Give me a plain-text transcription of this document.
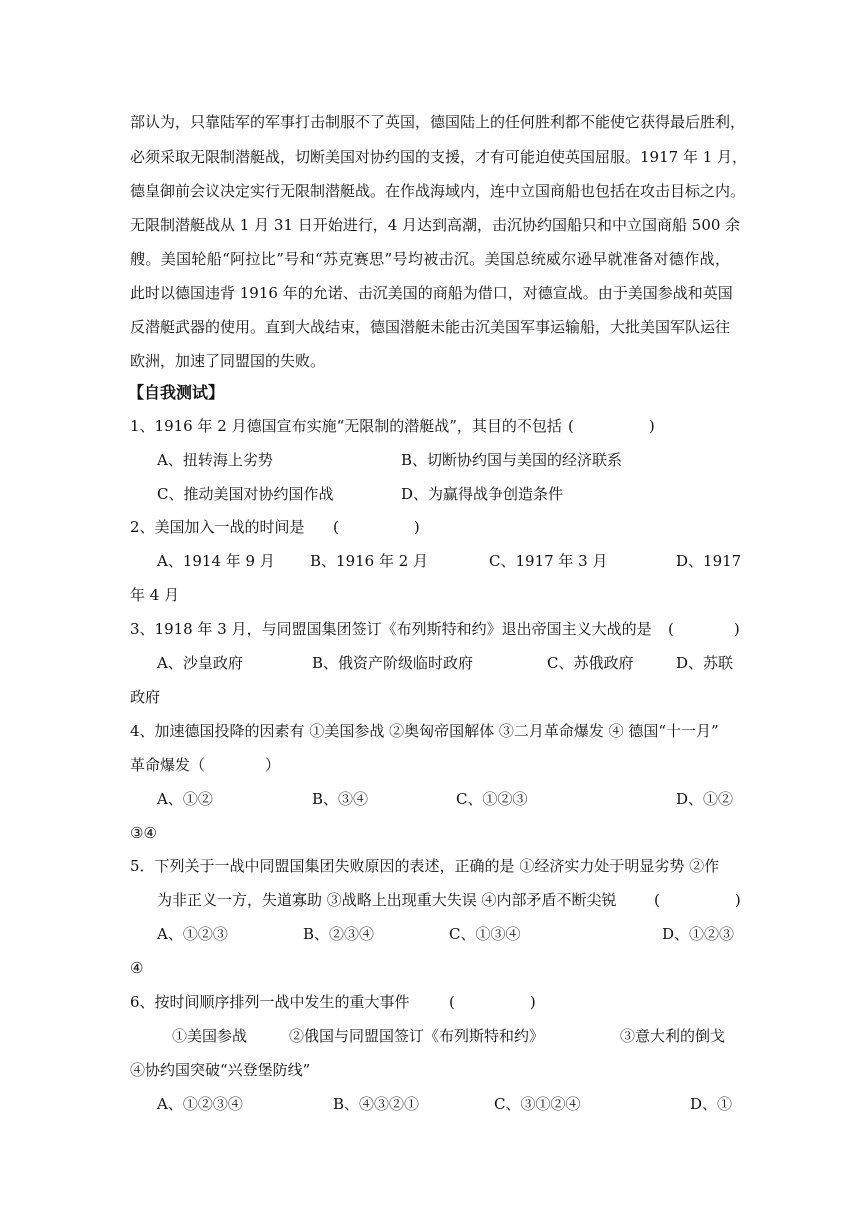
部认为，只靠陆军的军事打击制服不了英国，德国陆上的任何胜利都不能使它获得最后胜利，
必须采取无限制潜艇战，切断美国对协约国的支援，才有可能迫使英国屈服。1917 年 1 月，
德皇御前会议决定实行无限制潜艇战。在作战海域内，连中立国商船也包括在攻击目标之内。
无限制潜艇战从 1 月 31 日开始进行，4 月达到高潮，击沉协约国船只和中立国商船 500 余
艘。美国轮船“阿拉比”号和“苏克赛思”号均被击沉。美国总统威尔逊早就准备对德作战，
此时以德国违背 1916 年的允诺、击沉美国的商船为借口，对德宣战。由于美国参战和英国
反潜艇武器的使用。直到大战结束，德国潜艇未能击沉美国军事运输船，大批美国军队运往
欧洲，加速了同盟国的失败。
【自我测试】
1、1916 年 2 月德国宣布实施“无限制的潜艇战”，其目的不包括 (　　　　　)
A、扭转海上劣势	B、切断协约国与美国的经济联系
C、推动美国对协约国作战	D、为赢得战争创造条件
2、美国加入一战的时间是 (　　　　　)
A、1914 年 9 月 B、1916 年 2 月	C、1917 年 3 月	D、1917
年 4 月
3、1918 年 3 月，与同盟国集团签订《布列斯特和约》退出帝国主义大战的是 (　　　　)
A、沙皇政府	B、俄资产阶级临时政府	C、苏俄政府	D、苏联
政府
4、加速德国投降的因素有 ①美国参战 ②奥匈帝国解体 ③二月革命爆发 ④ 德国“十一月”
革命爆发（　　　　）
A、①②	B、③④	C、①②③	D、①②
③④
5．下列关于一战中同盟国集团失败原因的表述，正确的是 ①经济实力处于明显劣势 ②作
为非正义一方，失道寡助 ③战略上出现重大失误 ④内部矛盾不断尖锐 (　　　　　)
A、①②③	B、②③④	C、①③④	D、①②③
④
6、按时间顺序排列一战中发生的重大事件	(　　　　　)
①美国参战	②俄国与同盟国签订《布列斯特和约》	③意大利的倒戈
④协约国突破“兴登堡防线”
A、①②③④	B、④③②①	C、③①②④	D、①
